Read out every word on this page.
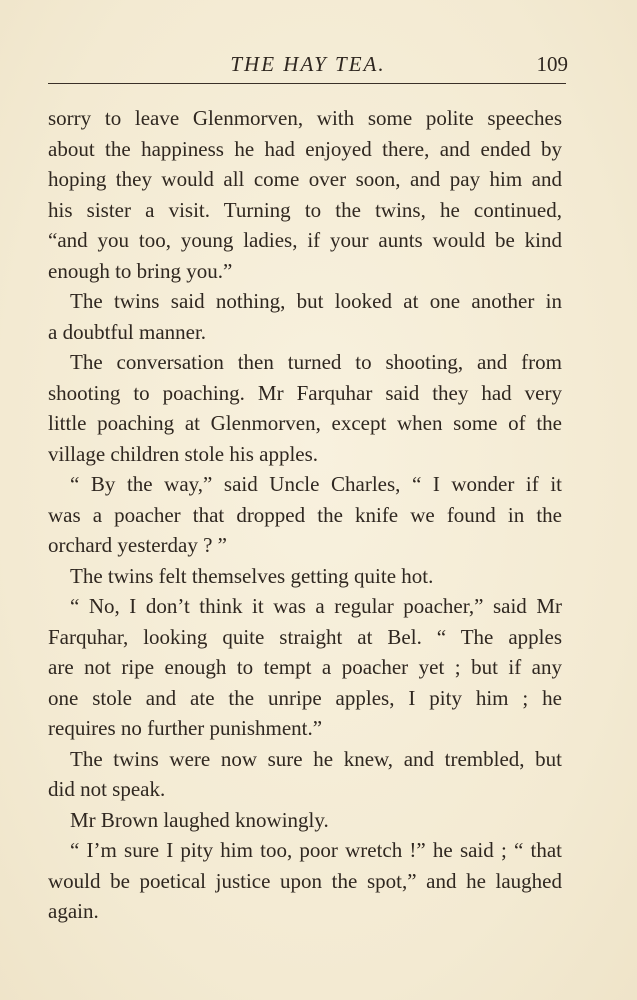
THE HAY TEA.	109
sorry to leave Glenmorven, with some polite speeches
about the happiness he had enjoyed there, and ended by
hoping they would all come over soon, and pay him and
his sister a visit. Turning to the twins, he continued,
“and you too, young ladies, if your aunts would be kind
enough to bring you.”
The twins said nothing, but looked at one another in
a doubtful manner.
The conversation then turned to shooting, and from
shooting to poaching. Mr Farquhar said they had very
little poaching at Glenmorven, except when some of the
village children stole his apples.
“ By the way,” said Uncle Charles, “ I wonder if it
was a poacher that dropped the knife we found in the
orchard yesterday ? ”
The twins felt themselves getting quite hot.
“ No, I don’t think it was a regular poacher,” said Mr
Farquhar, looking quite straight at Bel. “ The apples
are not ripe enough to tempt a poacher yet ; but if any
one stole and ate the unripe apples, I pity him ; he
requires no further punishment.”
The twins were now sure he knew, and trembled, but
did not speak.
Mr Brown laughed knowingly.
“ I’m sure I pity him too, poor wretch !” he said ; “ that
would be poetical justice upon the spot,” and he laughed
again.
